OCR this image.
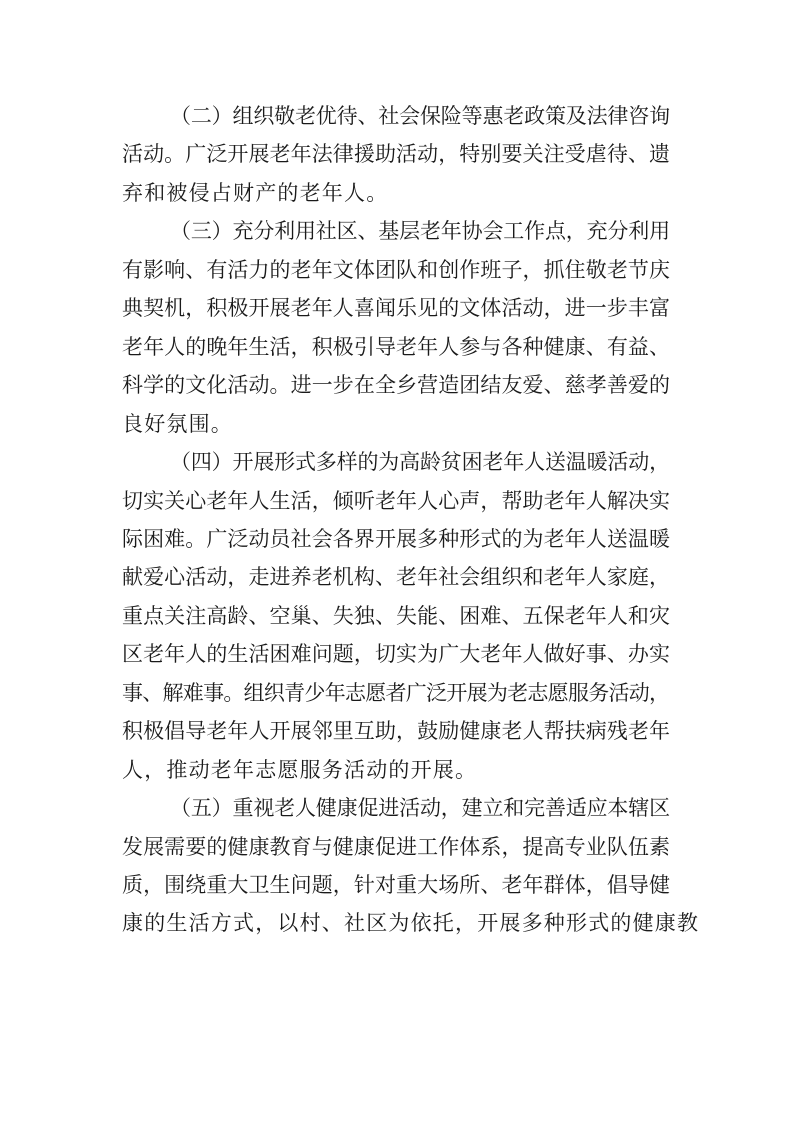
（二）组织敬老优待、社会保险等惠老政策及法律咨询
活动。广泛开展老年法律援助活动，特别要关注受虐待、遗
弃和被侵占财产的老年人。
（三）充分利用社区、基层老年协会工作点，充分利用
有影响、有活力的老年文体团队和创作班子，抓住敬老节庆
典契机，积极开展老年人喜闻乐见的文体活动，进一步丰富
老年人的晚年生活，积极引导老年人参与各种健康、有益、
科学的文化活动。进一步在全乡营造团结友爱、慈孝善爱的
良好氛围。
（四）开展形式多样的为高龄贫困老年人送温暖活动，
切实关心老年人生活，倾听老年人心声，帮助老年人解决实
际困难。广泛动员社会各界开展多种形式的为老年人送温暖
献爱心活动，走进养老机构、老年社会组织和老年人家庭，
重点关注高龄、空巢、失独、失能、困难、五保老年人和灾
区老年人的生活困难问题，切实为广大老年人做好事、办实
事、解难事。组织青少年志愿者广泛开展为老志愿服务活动，
积极倡导老年人开展邻里互助，鼓励健康老人帮扶病残老年
人，推动老年志愿服务活动的开展。
（五）重视老人健康促进活动，建立和完善适应本辖区
发展需要的健康教育与健康促进工作体系，提高专业队伍素
质，围绕重大卫生问题，针对重大场所、老年群体，倡导健
康的生活方式，以村、社区为依托，开展多种形式的健康教
